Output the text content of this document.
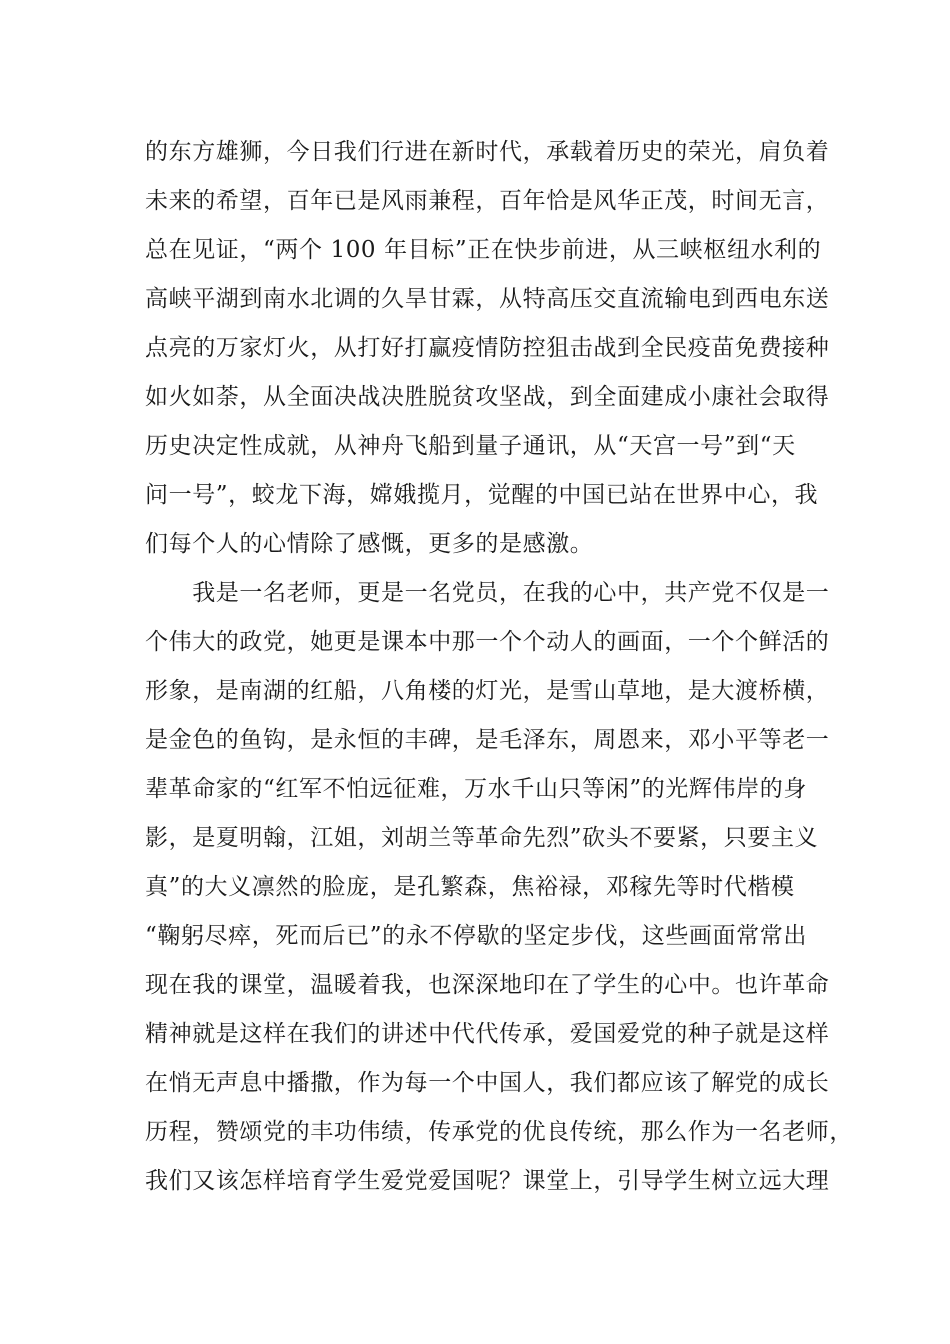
的东方雄狮，今日我们行进在新时代，承载着历史的荣光，肩负着
未来的希望，百年已是风雨兼程，百年恰是风华正茂，时间无言，
总在见证，“两个 100 年目标”正在快步前进，从三峡枢纽水利的
高峡平湖到南水北调的久旱甘霖，从特高压交直流输电到西电东送
点亮的万家灯火，从打好打赢疫情防控狙击战到全民疫苗免费接种
如火如荼，从全面决战决胜脱贫攻坚战，到全面建成小康社会取得
历史决定性成就，从神舟飞船到量子通讯，从“天宫一号”到“天
问一号”，蛟龙下海，嫦娥揽月，觉醒的中国已站在世界中心，我
们每个人的心情除了感慨，更多的是感激。
　　我是一名老师，更是一名党员，在我的心中，共产党不仅是一
个伟大的政党，她更是课本中那一个个动人的画面，一个个鲜活的
形象，是南湖的红船，八角楼的灯光，是雪山草地，是大渡桥横，
是金色的鱼钩，是永恒的丰碑，是毛泽东，周恩来，邓小平等老一
辈革命家的“红军不怕远征难，万水千山只等闲”的光辉伟岸的身
影，是夏明翰，江姐，刘胡兰等革命先烈”砍头不要紧，只要主义
真”的大义凛然的脸庞，是孔繁森，焦裕禄，邓稼先等时代楷模
“鞠躬尽瘁，死而后已”的永不停歇的坚定步伐，这些画面常常出
现在我的课堂，温暖着我，也深深地印在了学生的心中。也许革命
精神就是这样在我们的讲述中代代传承，爱国爱党的种子就是这样
在悄无声息中播撒，作为每一个中国人，我们都应该了解党的成长
历程，赞颂党的丰功伟绩，传承党的优良传统，那么作为一名老师，
我们又该怎样培育学生爱党爱国呢？课堂上，引导学生树立远大理
